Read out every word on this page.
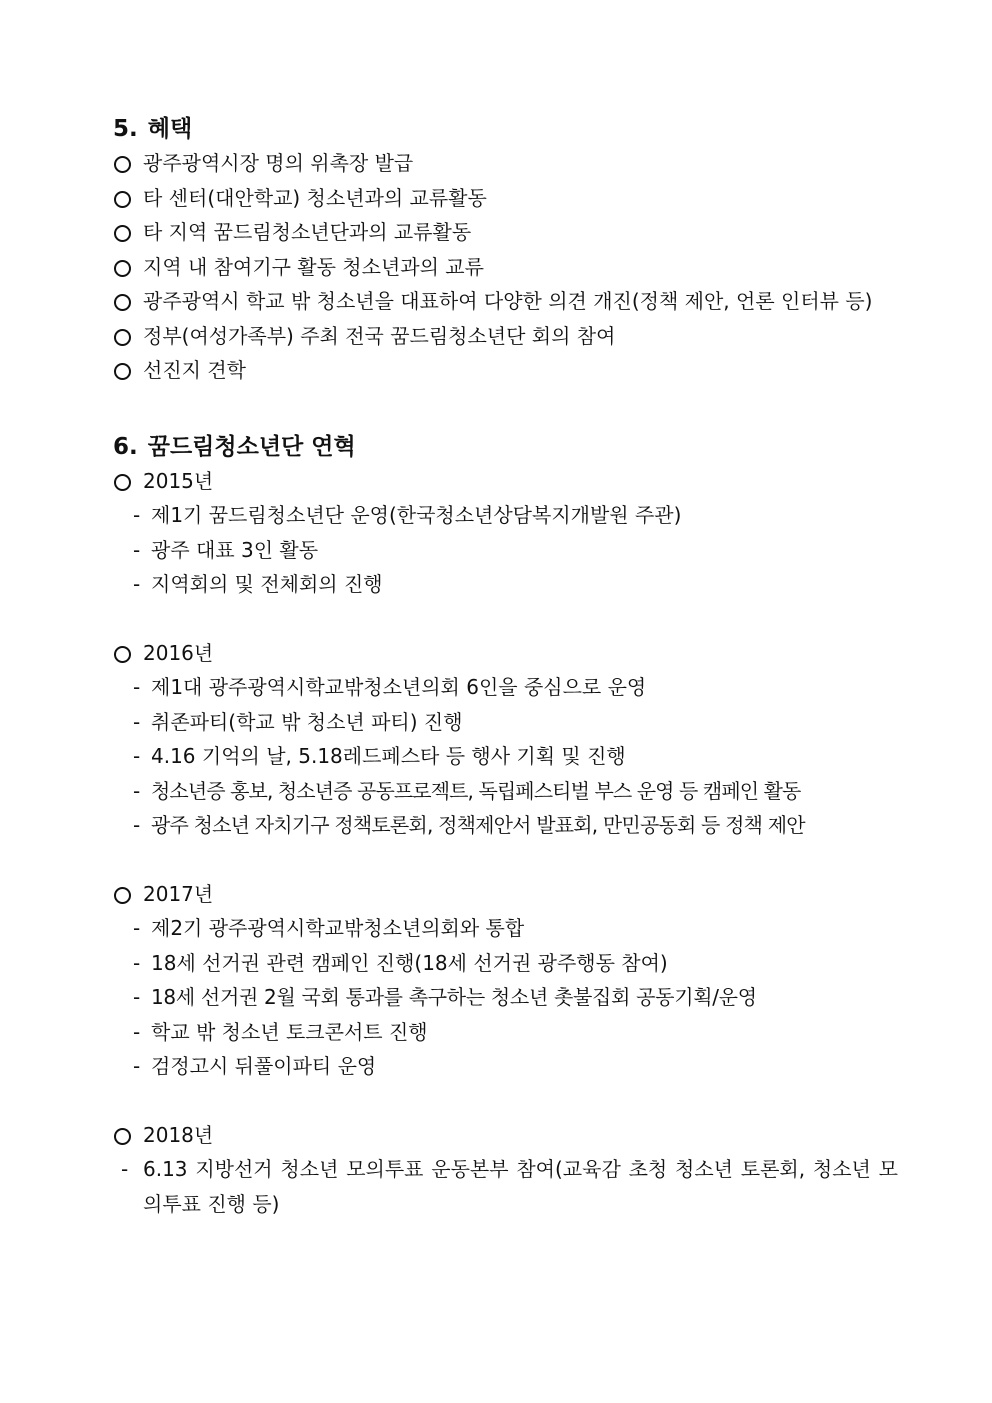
5. 혜택
광주광역시장 명의 위촉장 발급
타 센터(대안학교) 청소년과의 교류활동
타 지역 꿈드림청소년단과의 교류활동
지역 내 참여기구 활동 청소년과의 교류
광주광역시 학교 밖 청소년을 대표하여 다양한 의견 개진(정책 제안, 언론 인터뷰 등)
정부(여성가족부) 주최 전국 꿈드림청소년단 회의 참여
선진지 견학
6. 꿈드림청소년단 연혁
2015년
- 제1기 꿈드림청소년단 운영(한국청소년상담복지개발원 주관)
- 광주 대표 3인 활동
- 지역회의 및 전체회의 진행
2016년
- 제1대 광주광역시학교밖청소년의회 6인을 중심으로 운영
- 취존파티(학교 밖 청소년 파티) 진행
- 4.16 기억의 날, 5.18레드페스타 등 행사 기획 및 진행
- 청소년증 홍보, 청소년증 공동프로젝트, 독립페스티벌 부스 운영 등 캠페인 활동
- 광주 청소년 자치기구 정책토론회, 정책제안서 발표회, 만민공동회 등 정책 제안
2017년
- 제2기 광주광역시학교밖청소년의회와 통합
- 18세 선거권 관련 캠페인 진행(18세 선거권 광주행동 참여)
- 18세 선거권 2월 국회 통과를 촉구하는 청소년 촛불집회 공동기획/운영
- 학교 밖 청소년 토크콘서트 진행
- 검정고시 뒤풀이파티 운영
2018년
- 6.13 지방선거 청소년 모의투표 운동본부 참여(교육감 초청 청소년 토론회, 청소년 모의투표 진행 등)
